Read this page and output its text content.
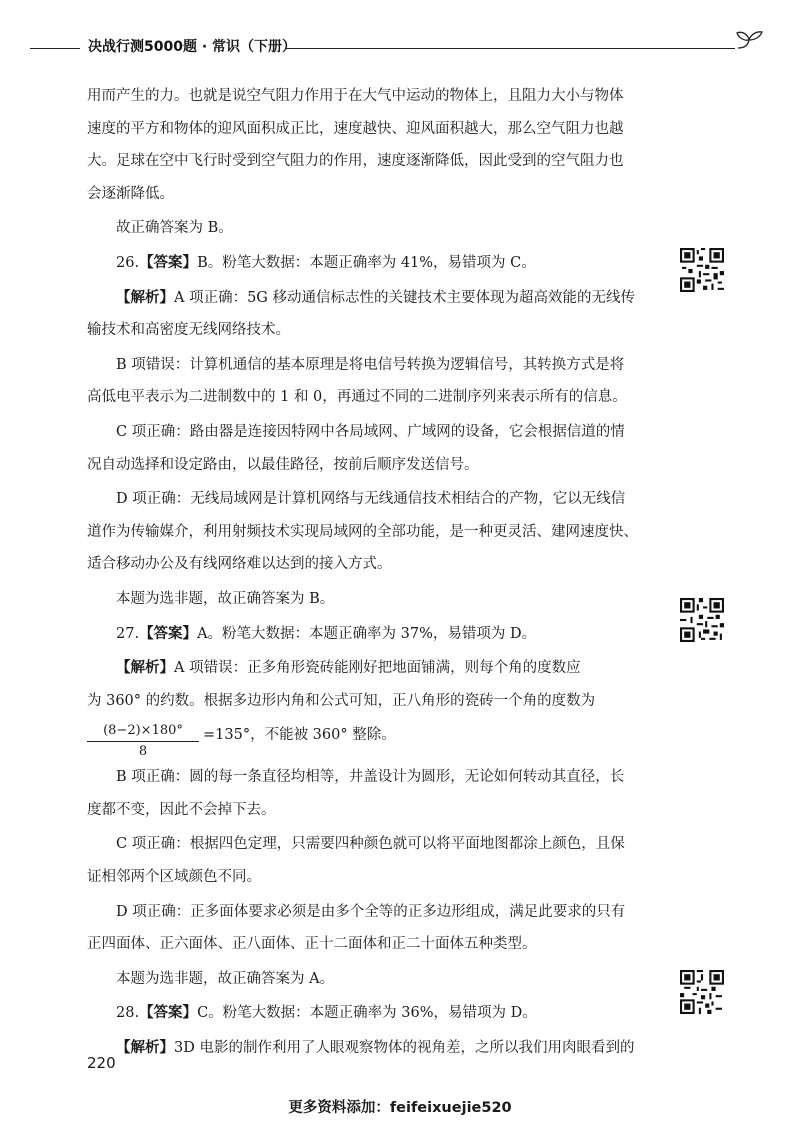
决战行测5000题 · 常识（下册）

用而产生的力。也就是说空气阻力作用于在大气中运动的物体上，且阻力大小与物体

速度的平方和物体的迎风面积成正比，速度越快、迎风面积越大，那么空气阻力也越

大。足球在空中飞行时受到空气阻力的作用，速度逐渐降低，因此受到的空气阻力也

会逐渐降低。

故正确答案为 B。

26.【答案】B。粉笔大数据：本题正确率为 41%，易错项为 C。

【解析】A 项正确：5G 移动通信标志性的关键技术主要体现为超高效能的无线传

输技术和高密度无线网络技术。

B 项错误：计算机通信的基本原理是将电信号转换为逻辑信号，其转换方式是将

高低电平表示为二进制数中的 1 和 0，再通过不同的二进制序列来表示所有的信息。

C 项正确：路由器是连接因特网中各局域网、广域网的设备，它会根据信道的情

况自动选择和设定路由，以最佳路径，按前后顺序发送信号。

D 项正确：无线局域网是计算机网络与无线通信技术相结合的产物，它以无线信

道作为传输媒介，利用射频技术实现局域网的全部功能，是一种更灵活、建网速度快、

适合移动办公及有线网络难以达到的接入方式。

本题为选非题，故正确答案为 B。

27.【答案】A。粉笔大数据：本题正确率为 37%，易错项为 D。

【解析】A 项错误：正多角形瓷砖能刚好把地面铺满，则每个角的度数应

为 360° 的约数。根据多边形内角和公式可知，正八角形的瓷砖一个角的度数为

$\frac{(8-2)\times 180^\circ}{8} =135^\circ$，不能被 360° 整除。

B 项正确：圆的每一条直径均相等，井盖设计为圆形，无论如何转动其直径，长

度都不变，因此不会掉下去。

C 项正确：根据四色定理，只需要四种颜色就可以将平面地图都涂上颜色，且保

证相邻两个区域颜色不同。

D 项正确：正多面体要求必须是由多个全等的正多边形组成，满足此要求的只有

正四面体、正六面体、正八面体、正十二面体和正二十面体五种类型。

本题为选非题，故正确答案为 A。

28.【答案】C。粉笔大数据：本题正确率为 36%，易错项为 D。

【解析】3D 电影的制作利用了人眼观察物体的视角差，之所以我们用肉眼看到的

220
更多资料添加：feifeixuejie520
